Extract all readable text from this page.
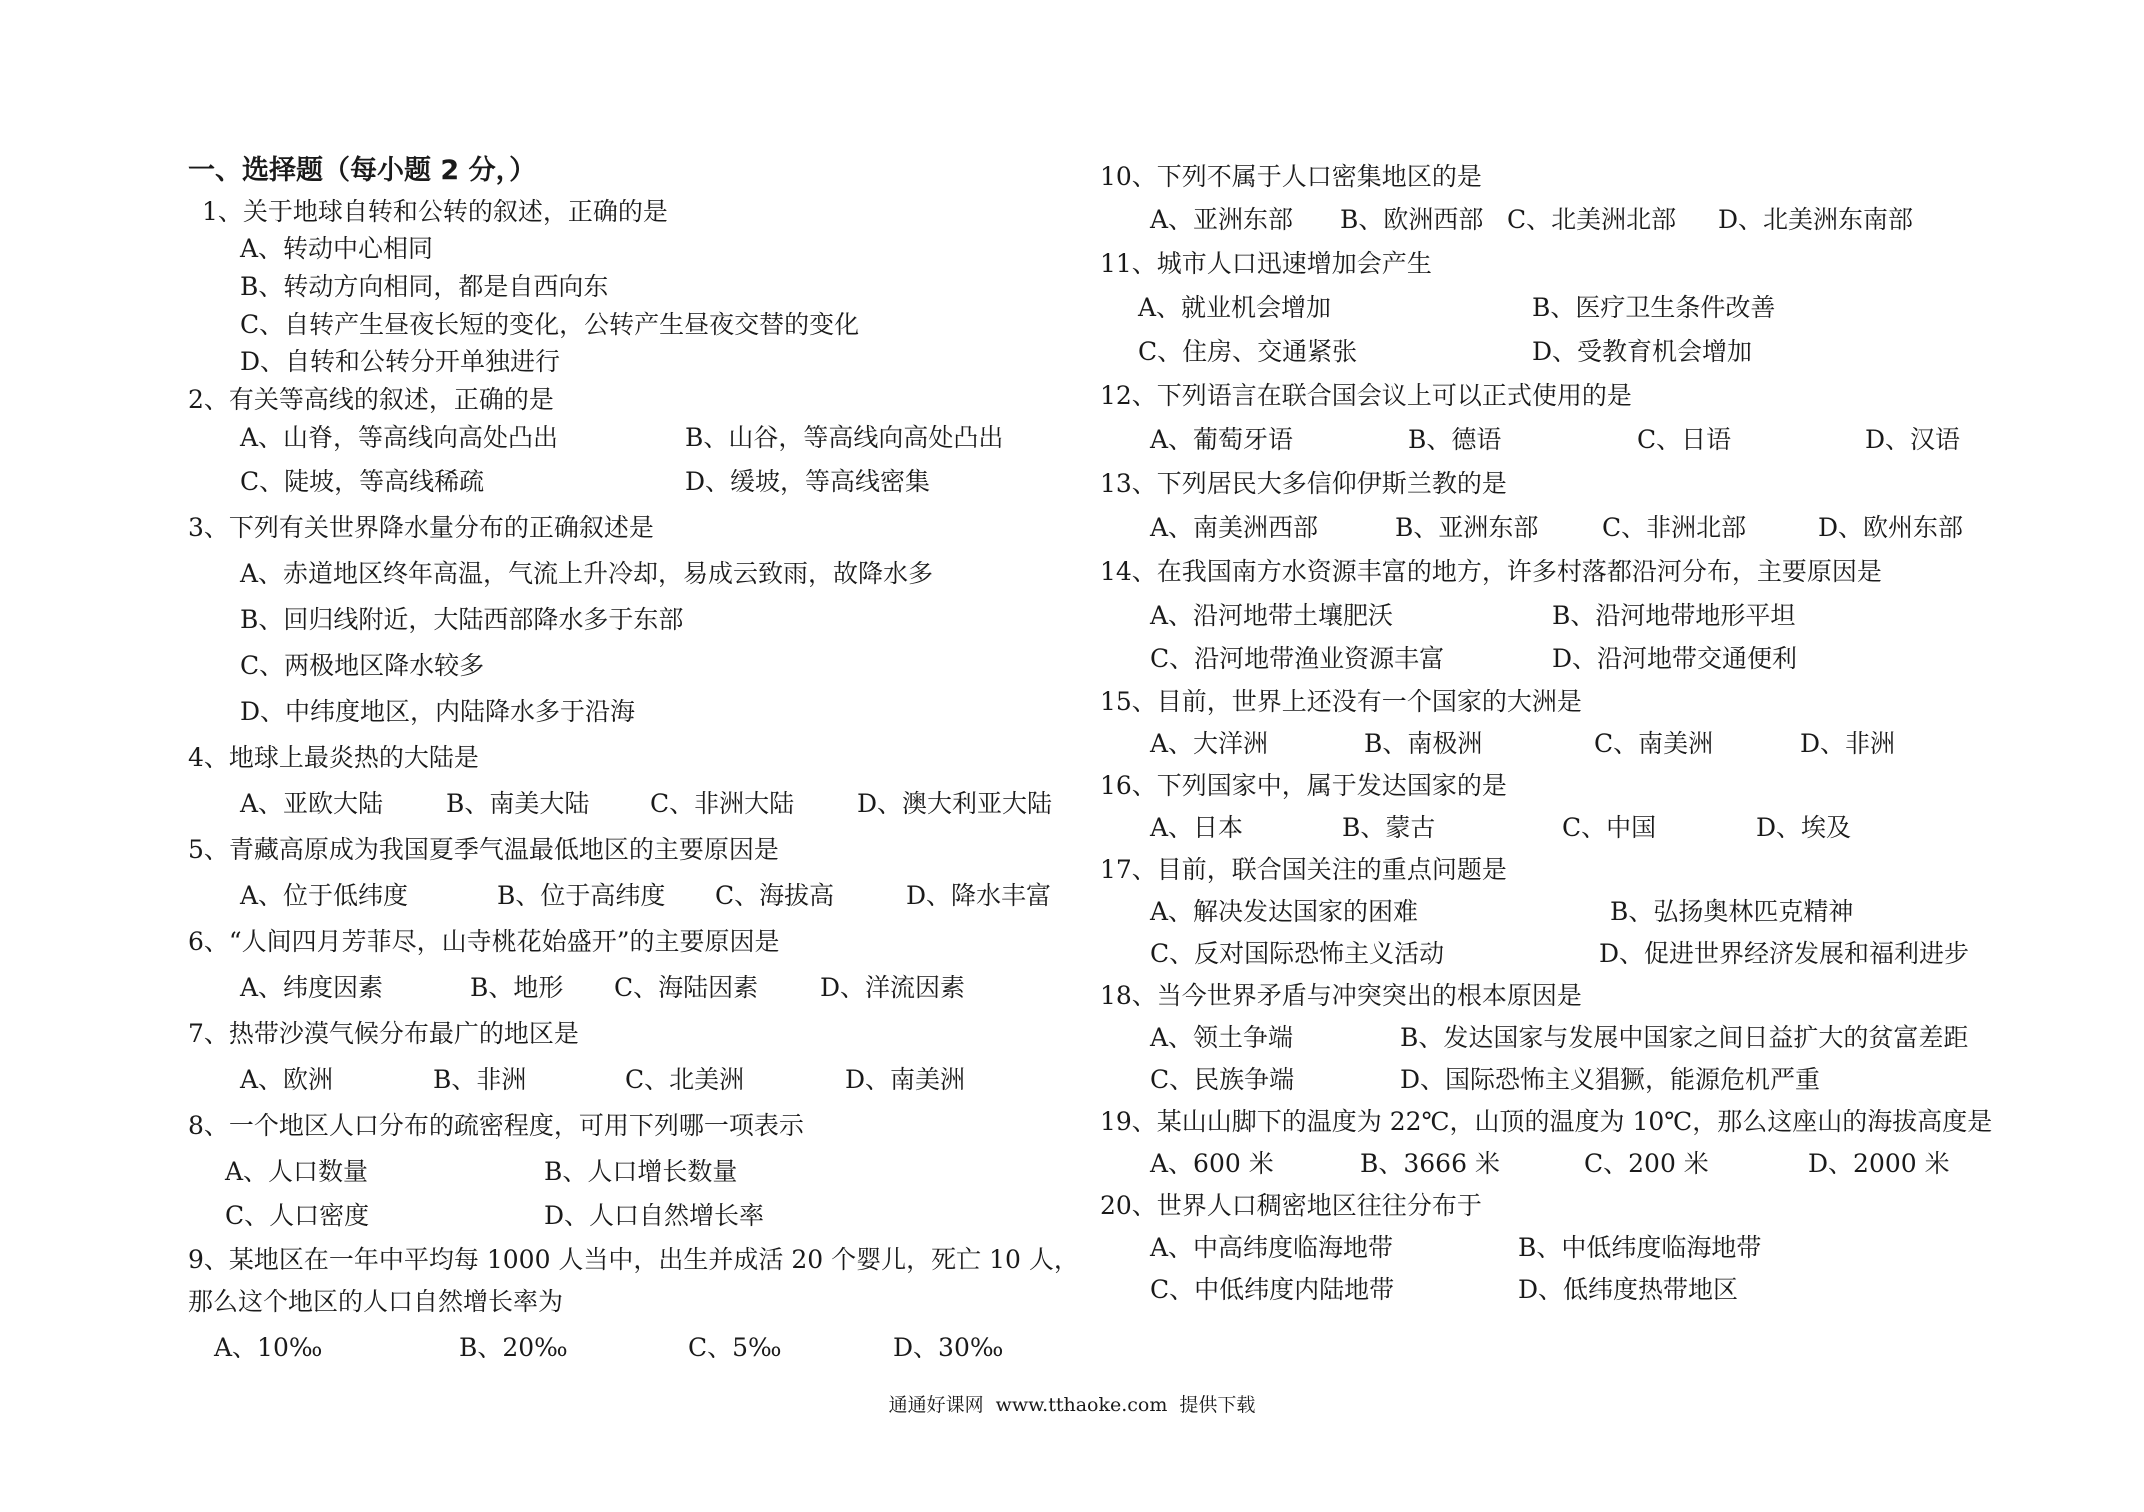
一、选择题（每小题 2 分，）
1、关于地球自转和公转的叙述，正确的是
A、转动中心相同
B、转动方向相同，都是自西向东
C、自转产生昼夜长短的变化，公转产生昼夜交替的变化
D、自转和公转分开单独进行
2、有关等高线的叙述，正确的是
A、山脊，等高线向高处凸出	B、山谷，等高线向高处凸出
C、陡坡，等高线稀疏	D、缓坡，等高线密集
3、下列有关世界降水量分布的正确叙述是
A、赤道地区终年高温，气流上升冷却，易成云致雨，故降水多
B、回归线附近，大陆西部降水多于东部
C、两极地区降水较多
D、中纬度地区，内陆降水多于沿海
4、地球上最炎热的大陆是
A、亚欧大陆	B、南美大陆 C、非洲大陆	D、澳大利亚大陆
5、青藏高原成为我国夏季气温最低地区的主要原因是
A、位于低纬度	B、位于高纬度 C、海拔高	D、降水丰富
6、“人间四月芳菲尽，山寺桃花始盛开”的主要原因是
A、纬度因素	B、地形 C、海陆因素 D、洋流因素
7、热带沙漠气候分布最广的地区是
A、欧洲	B、非洲	C、北美洲	D、南美洲
8、一个地区人口分布的疏密程度，可用下列哪一项表示
A、人口数量	B、人口增长数量
C、人口密度	D、人口自然增长率
9、某地区在一年中平均每 1000 人当中，出生并成活 20 个婴儿，死亡 10 人，
那么这个地区的人口自然增长率为
A、10‰	B、20‰	C、5‰	D、30‰
10、下列不属于人口密集地区的是
A、亚洲东部 B、欧洲西部 C、北美洲北部 D、北美洲东南部
11、城市人口迅速增加会产生
A、就业机会增加	B、医疗卫生条件改善
C、住房、交通紧张	D、受教育机会增加
12、下列语言在联合国会议上可以正式使用的是
A、葡萄牙语	B、德语	C、日语	D、汉语
13、下列居民大多信仰伊斯兰教的是
A、南美洲西部	B、亚洲东部	C、非洲北部	D、欧州东部
14、在我国南方水资源丰富的地方，许多村落都沿河分布，主要原因是
A、沿河地带土壤肥沃	B、沿河地带地形平坦
C、沿河地带渔业资源丰富	D、沿河地带交通便利
15、目前，世界上还没有一个国家的大洲是
A、大洋洲	B、南极洲	C、南美洲	D、非洲
16、下列国家中，属于发达国家的是
A、日本	B、蒙古	C、中国	D、埃及
17、目前，联合国关注的重点问题是
A、解决发达国家的困难	B、弘扬奥林匹克精神
C、反对国际恐怖主义活动	D、促进世界经济发展和福利进步
18、当今世界矛盾与冲突突出的根本原因是
A、领土争端	B、发达国家与发展中国家之间日益扩大的贫富差距
C、民族争端	D、国际恐怖主义猖獗，能源危机严重
19、某山山脚下的温度为 22℃，山顶的温度为 10℃，那么这座山的海拔高度是
A、600 米	B、3666 米	C、200 米	D、2000 米
20、世界人口稠密地区往往分布于
A、中高纬度临海地带	B、中低纬度临海地带
C、中低纬度内陆地带	D、低纬度热带地区
通通好课网 www.tthaoke.com 提供下载
